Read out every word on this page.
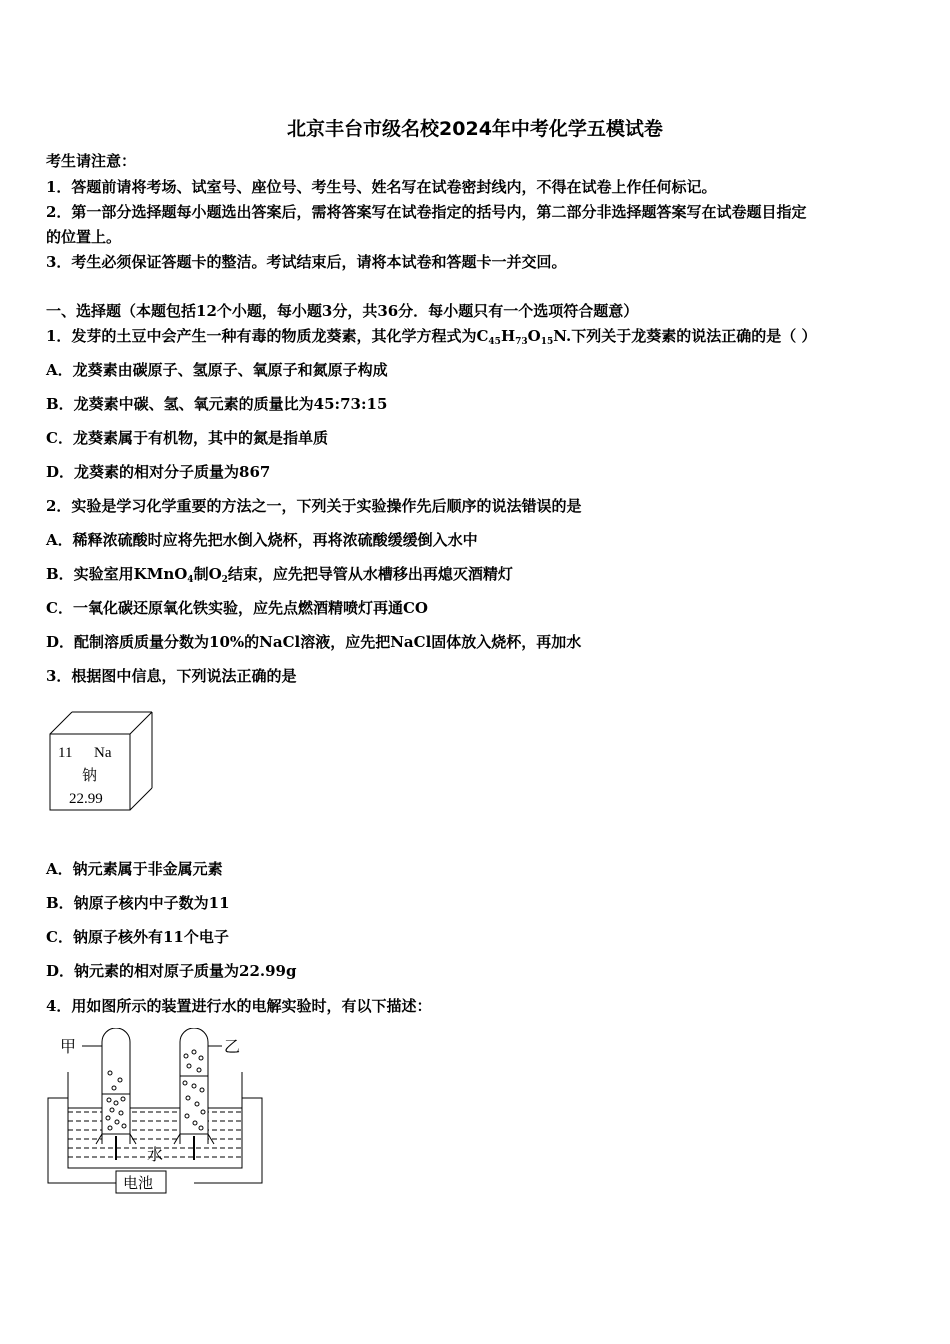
北京丰台市级名校2024年中考化学五模试卷
考生请注意：
1．答题前请将考场、试室号、座位号、考生号、姓名写在试卷密封线内，不得在试卷上作任何标记。
2．第一部分选择题每小题选出答案后，需将答案写在试卷指定的括号内，第二部分非选择题答案写在试卷题目指定
的位置上。
3．考生必须保证答题卡的整洁。考试结束后，请将本试卷和答题卡一并交回。
一、选择题（本题包括12个小题，每小题3分，共36分．每小题只有一个选项符合题意）
1．发芽的土豆中会产生一种有毒的物质龙葵素，其化学方程式为$C_{45}H_{73}O_{15}N$.下列关于龙葵素的说法正确的是（ ）
A．龙葵素由碳原子、氢原子、氧原子和氮原子构成
B．龙葵素中碳、氢、氧元素的质量比为45:73:15
C．龙葵素属于有机物，其中的氮是指单质
D．龙葵素的相对分子质量为867
2．实验是学习化学重要的方法之一，下列关于实验操作先后顺序的说法错误的是
A．稀释浓硫酸时应将先把水倒入烧杯，再将浓硫酸缓缓倒入水中
B．实验室用KMnO$_4$制$O_2$结束，应先把导管从水槽移出再熄灭酒精灯
C．一氧化碳还原氧化铁实验，应先点燃酒精喷灯再通CO
D．配制溶质质量分数为10%的NaCl溶液，应先把NaCl固体放入烧杯，再加水
3．根据图中信息，下列说法正确的是
11 Na
钠
22.99
A．钠元素属于非金属元素
B．钠原子核内中子数为11
C．钠原子核外有11个电子
D．钠元素的相对原子质量为22.99g
4．用如图所示的装置进行水的电解实验时，有以下描述：
甲	乙
水
电池
